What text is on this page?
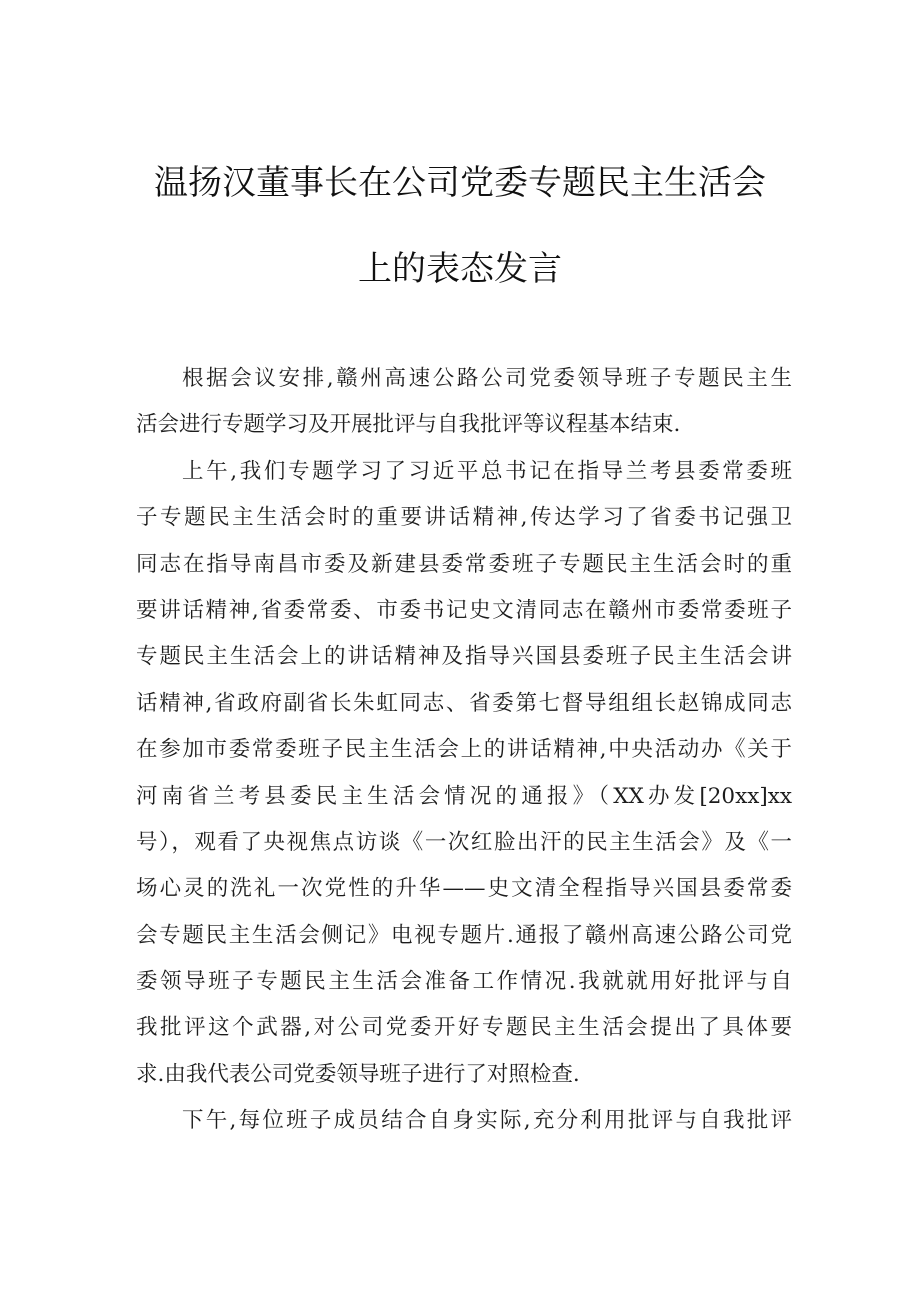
温扬汉董事长在公司党委专题民主生活会
上的表态发言
根据会议安排,赣州高速公路公司党委领导班子专题民主生
活会进行专题学习及开展批评与自我批评等议程基本结束.
上午,我们专题学习了习近平总书记在指导兰考县委常委班
子专题民主生活会时的重要讲话精神,传达学习了省委书记强卫
同志在指导南昌市委及新建县委常委班子专题民主生活会时的重
要讲话精神,省委常委、市委书记史文清同志在赣州市委常委班子
专题民主生活会上的讲话精神及指导兴国县委班子民主生活会讲
话精神,省政府副省长朱虹同志、省委第七督导组组长赵锦成同志
在参加市委常委班子民主生活会上的讲话精神,中央活动办《关于
河南省兰考县委民主生活会情况的通报》（XX办发[20xx]xx
号），观看了央视焦点访谈《一次红脸出汗的民主生活会》及《一
场心灵的洗礼一次党性的升华——史文清全程指导兴国县委常委
会专题民主生活会侧记》电视专题片.通报了赣州高速公路公司党
委领导班子专题民主生活会准备工作情况.我就就用好批评与自
我批评这个武器,对公司党委开好专题民主生活会提出了具体要
求.由我代表公司党委领导班子进行了对照检查.
下午,每位班子成员结合自身实际,充分利用批评与自我批评
